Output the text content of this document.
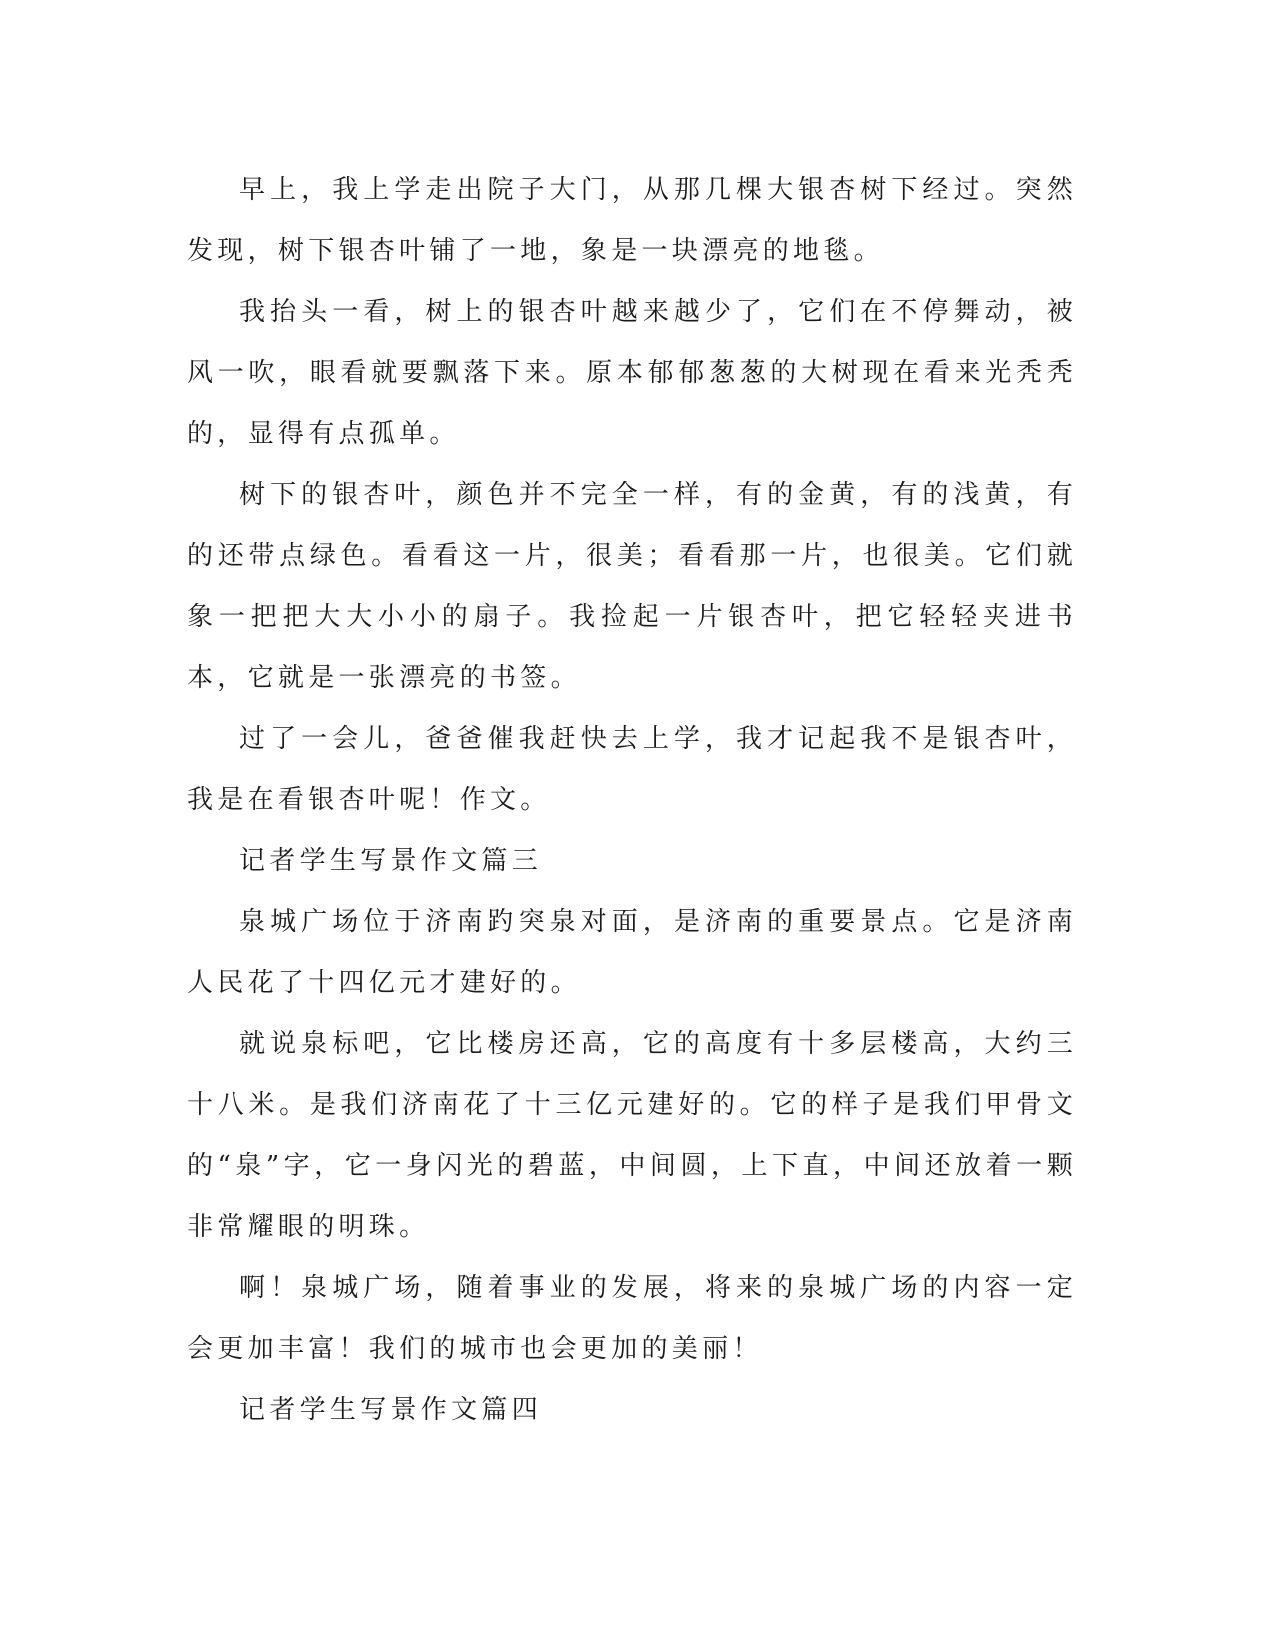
早上，我上学走出院子大门，从那几棵大银杏树下经过。突然发现，树下银杏叶铺了一地，象是一块漂亮的地毯。

我抬头一看，树上的银杏叶越来越少了，它们在不停舞动，被风一吹，眼看就要飘落下来。原本郁郁葱葱的大树现在看来光秃秃的，显得有点孤单。

树下的银杏叶，颜色并不完全一样，有的金黄，有的浅黄，有的还带点绿色。看看这一片，很美；看看那一片，也很美。它们就象一把把大大小小的扇子。我捡起一片银杏叶，把它轻轻夹进书本，它就是一张漂亮的书签。

过了一会儿，爸爸催我赶快去上学，我才记起我不是银杏叶，我是在看银杏叶呢！作文。

记者学生写景作文篇三

泉城广场位于济南趵突泉对面，是济南的重要景点。它是济南人民花了十四亿元才建好的。

就说泉标吧，它比楼房还高，它的高度有十多层楼高，大约三十八米。是我们济南花了十三亿元建好的。它的样子是我们甲骨文的“泉”字，它一身闪光的碧蓝，中间圆，上下直，中间还放着一颗非常耀眼的明珠。

啊！泉城广场，随着事业的发展，将来的泉城广场的内容一定会更加丰富！我们的城市也会更加的美丽！

记者学生写景作文篇四
